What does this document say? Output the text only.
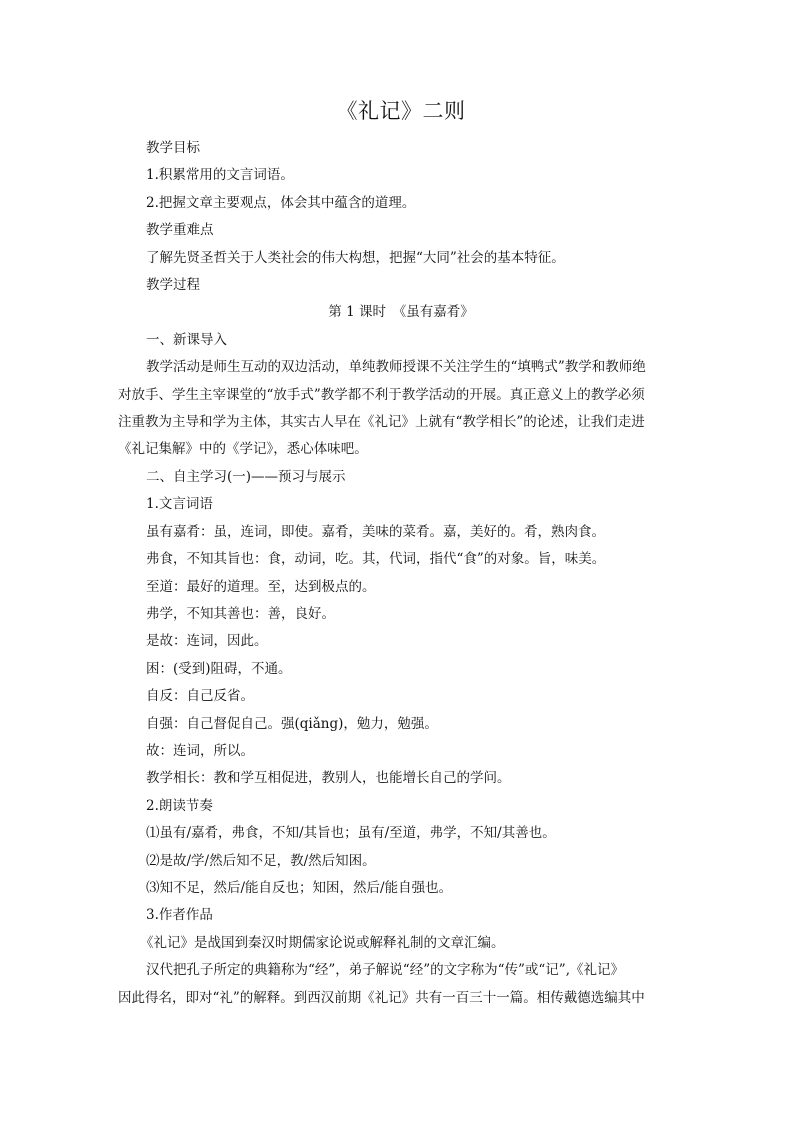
《礼记》二则

教学目标

1.积累常用的文言词语。

2.把握文章主要观点，体会其中蕴含的道理。

教学重难点

了解先贤圣哲关于人类社会的伟大构想，把握“大同”社会的基本特征。

教学过程

第 1 课时　《虽有嘉肴》

一、新课导入

教学活动是师生互动的双边活动，单纯教师授课不关注学生的“填鸭式”教学和教师绝

对放手、学生主宰课堂的“放手式”教学都不利于教学活动的开展。真正意义上的教学必须

注重教为主导和学为主体，其实古人早在《礼记》上就有“教学相长”的论述，让我们走进

《礼记集解》中的《学记》，悉心体味吧。

二、自主学习(一)——预习与展示

1.文言词语

虽有嘉肴：虽，连词，即使。嘉肴，美味的菜肴。嘉，美好的。肴，熟肉食。

弗食，不知其旨也：食，动词，吃。其，代词，指代“食”的对象。旨，味美。

至道：最好的道理。至，达到极点的。

弗学，不知其善也：善，良好。

是故：连词，因此。

困：(受到)阻碍，不通。

自反：自己反省。

自强：自己督促自己。强(qiǎng)，勉力，勉强。

故：连词，所以。

教学相长：教和学互相促进，教别人，也能增长自己的学问。

2.朗读节奏

⑴虽有/嘉肴，弗食，不知/其旨也；虽有/至道，弗学，不知/其善也。

⑵是故/学/然后知不足，教/然后知困。

⑶知不足，然后/能自反也；知困，然后/能自强也。

3.作者作品

《礼记》是战国到秦汉时期儒家论说或解释礼制的文章汇编。

汉代把孔子所定的典籍称为“经”，弟子解说“经”的文字称为“传”或“记”,《礼记》

因此得名，即对“礼”的解释。到西汉前期《礼记》共有一百三十一篇。相传戴德选编其中
